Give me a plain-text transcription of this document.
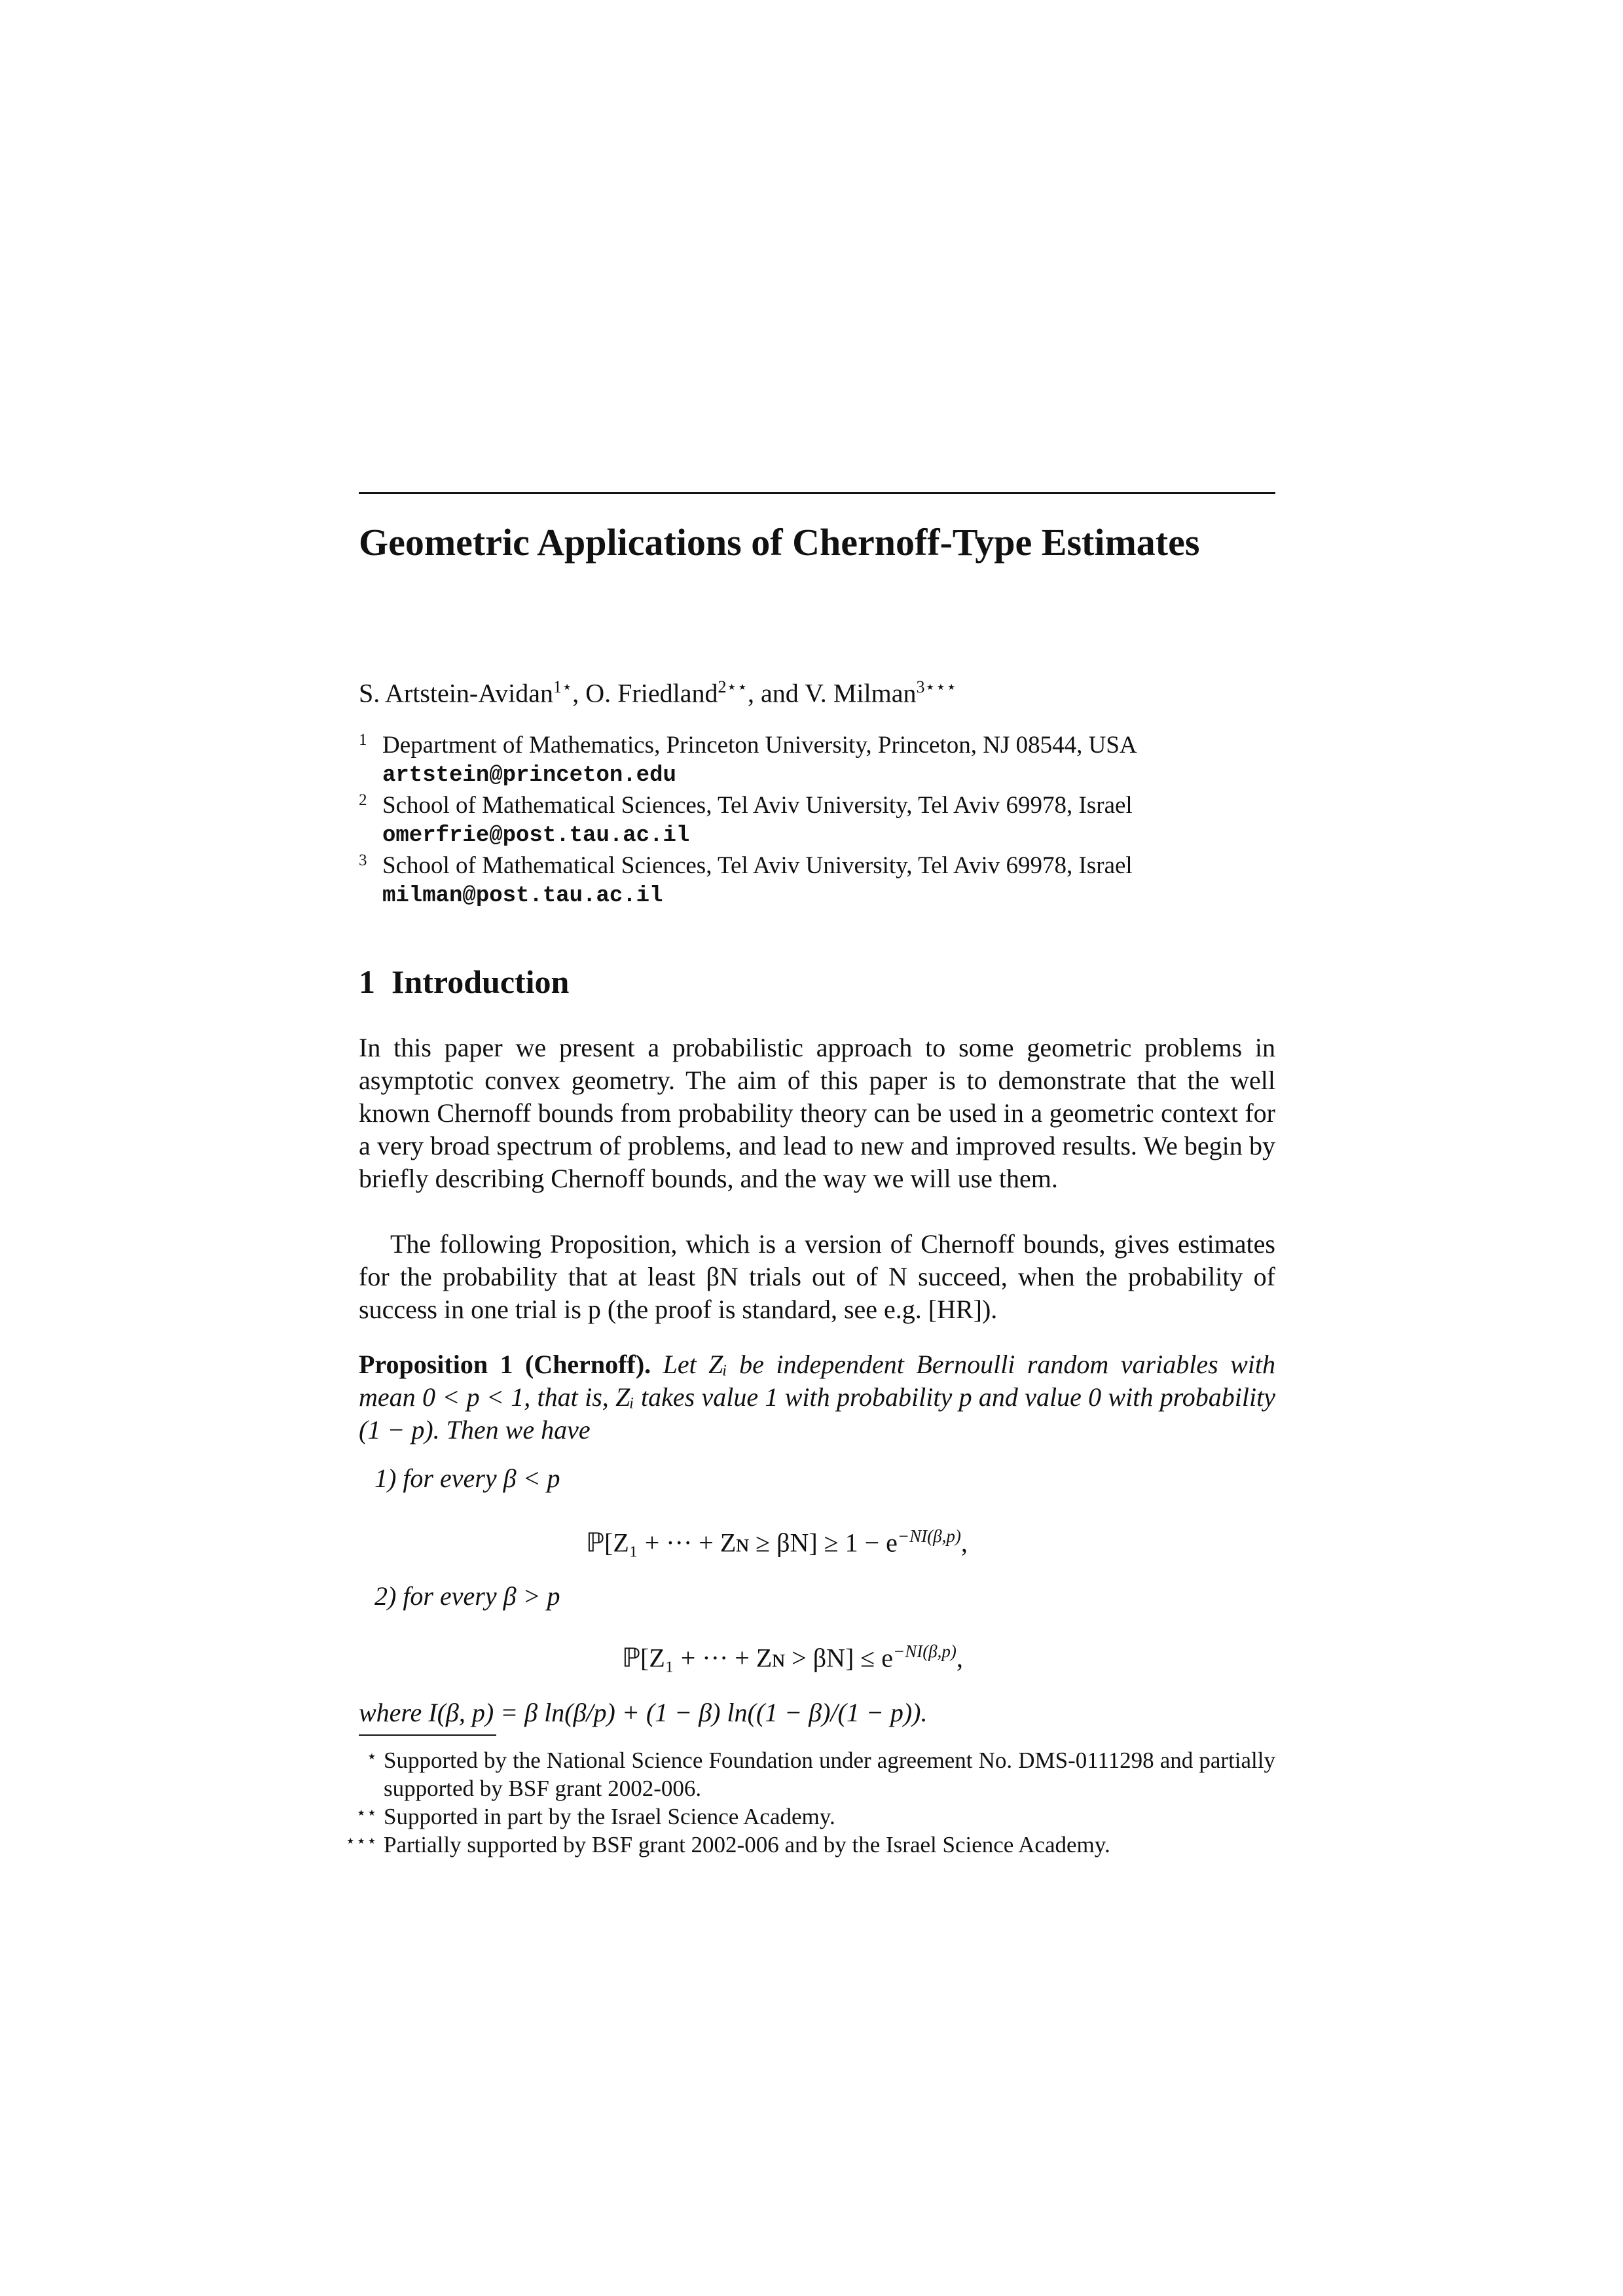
Geometric Applications of Chernoff-Type Estimates
S. Artstein-Avidan$^{1⋆}$, O. Friedland$^{2⋆⋆}$, and V. Milman$^{3⋆⋆⋆}$
1 Department of Mathematics, Princeton University, Princeton, NJ 08544, USA
artstein@princeton.edu
2 School of Mathematical Sciences, Tel Aviv University, Tel Aviv 69978, Israel
omerfrie@post.tau.ac.il
3 School of Mathematical Sciences, Tel Aviv University, Tel Aviv 69978, Israel
milman@post.tau.ac.il
1 Introduction
In this paper we present a probabilistic approach to some geometric problems in asymptotic convex geometry. The aim of this paper is to demonstrate that the well known Chernoff bounds from probability theory can be used in a geometric context for a very broad spectrum of problems, and lead to new and improved results. We begin by briefly describing Chernoff bounds, and the way we will use them.
The following Proposition, which is a version of Chernoff bounds, gives estimates for the probability that at least βN trials out of N succeed, when the probability of success in one trial is p (the proof is standard, see e.g. [HR]).
Proposition 1 (Chernoff). Let Zᵢ be independent Bernoulli random variables with mean 0 < p < 1, that is, Zᵢ takes value 1 with probability p and value 0 with probability (1 − p). Then we have
1) for every β < p
ℙ[Z₁ + ··· + Zɴ ≥ $\beta N] \ge 1 - e^{-NI(\beta,p)}$,
2) for every β > p
ℙ[Z₁ + ··· + Zɴ > $\beta N] \le e^{-NI(\beta,p)}$,
where I(β, p) = β ln(β/p) + (1 − β) ln((1 − β)/(1 − p)).
⋆ Supported by the National Science Foundation under agreement No. DMS-0111298 and partially supported by BSF grant 2002-006.
⋆⋆ Supported in part by the Israel Science Academy.
⋆⋆⋆ Partially supported by BSF grant 2002-006 and by the Israel Science Academy.
